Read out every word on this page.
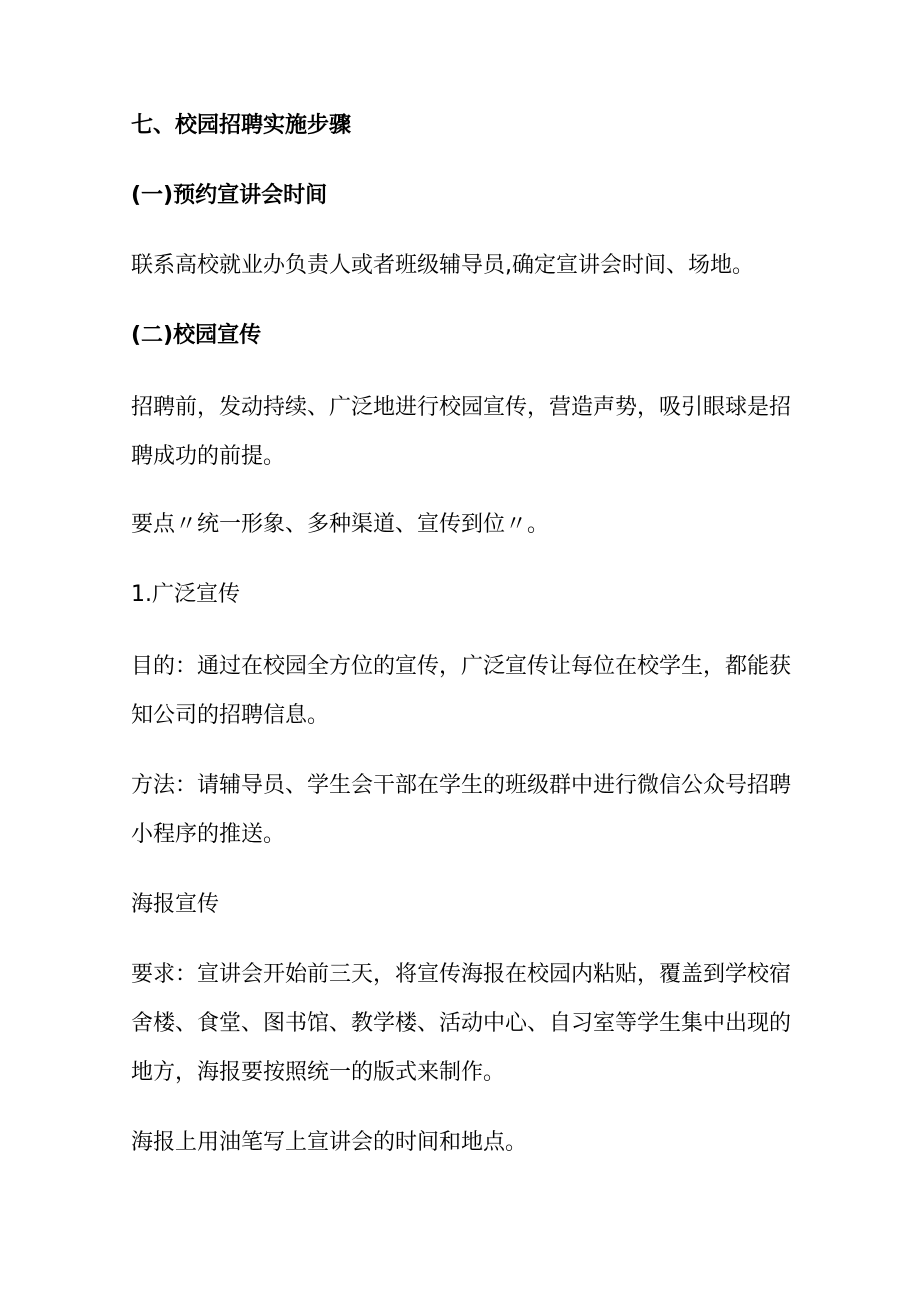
七、校园招聘实施步骤
(一)预约宣讲会时间
联系高校就业办负责人或者班级辅导员,确定宣讲会时间、场地。
(二)校园宣传
招聘前，发动持续、广泛地进行校园宣传，营造声势，吸引眼球是招
聘成功的前提。
要点〃统一形象、多种渠道、宣传到位〃。
1.广泛宣传
目的：通过在校园全方位的宣传，广泛宣传让每位在校学生，都能获
知公司的招聘信息。
方法：请辅导员、学生会干部在学生的班级群中进行微信公众号招聘
小程序的推送。
海报宣传
要求：宣讲会开始前三天，将宣传海报在校园内粘贴，覆盖到学校宿
舍楼、食堂、图书馆、教学楼、活动中心、自习室等学生集中出现的
地方，海报要按照统一的版式来制作。
海报上用油笔写上宣讲会的时间和地点。
